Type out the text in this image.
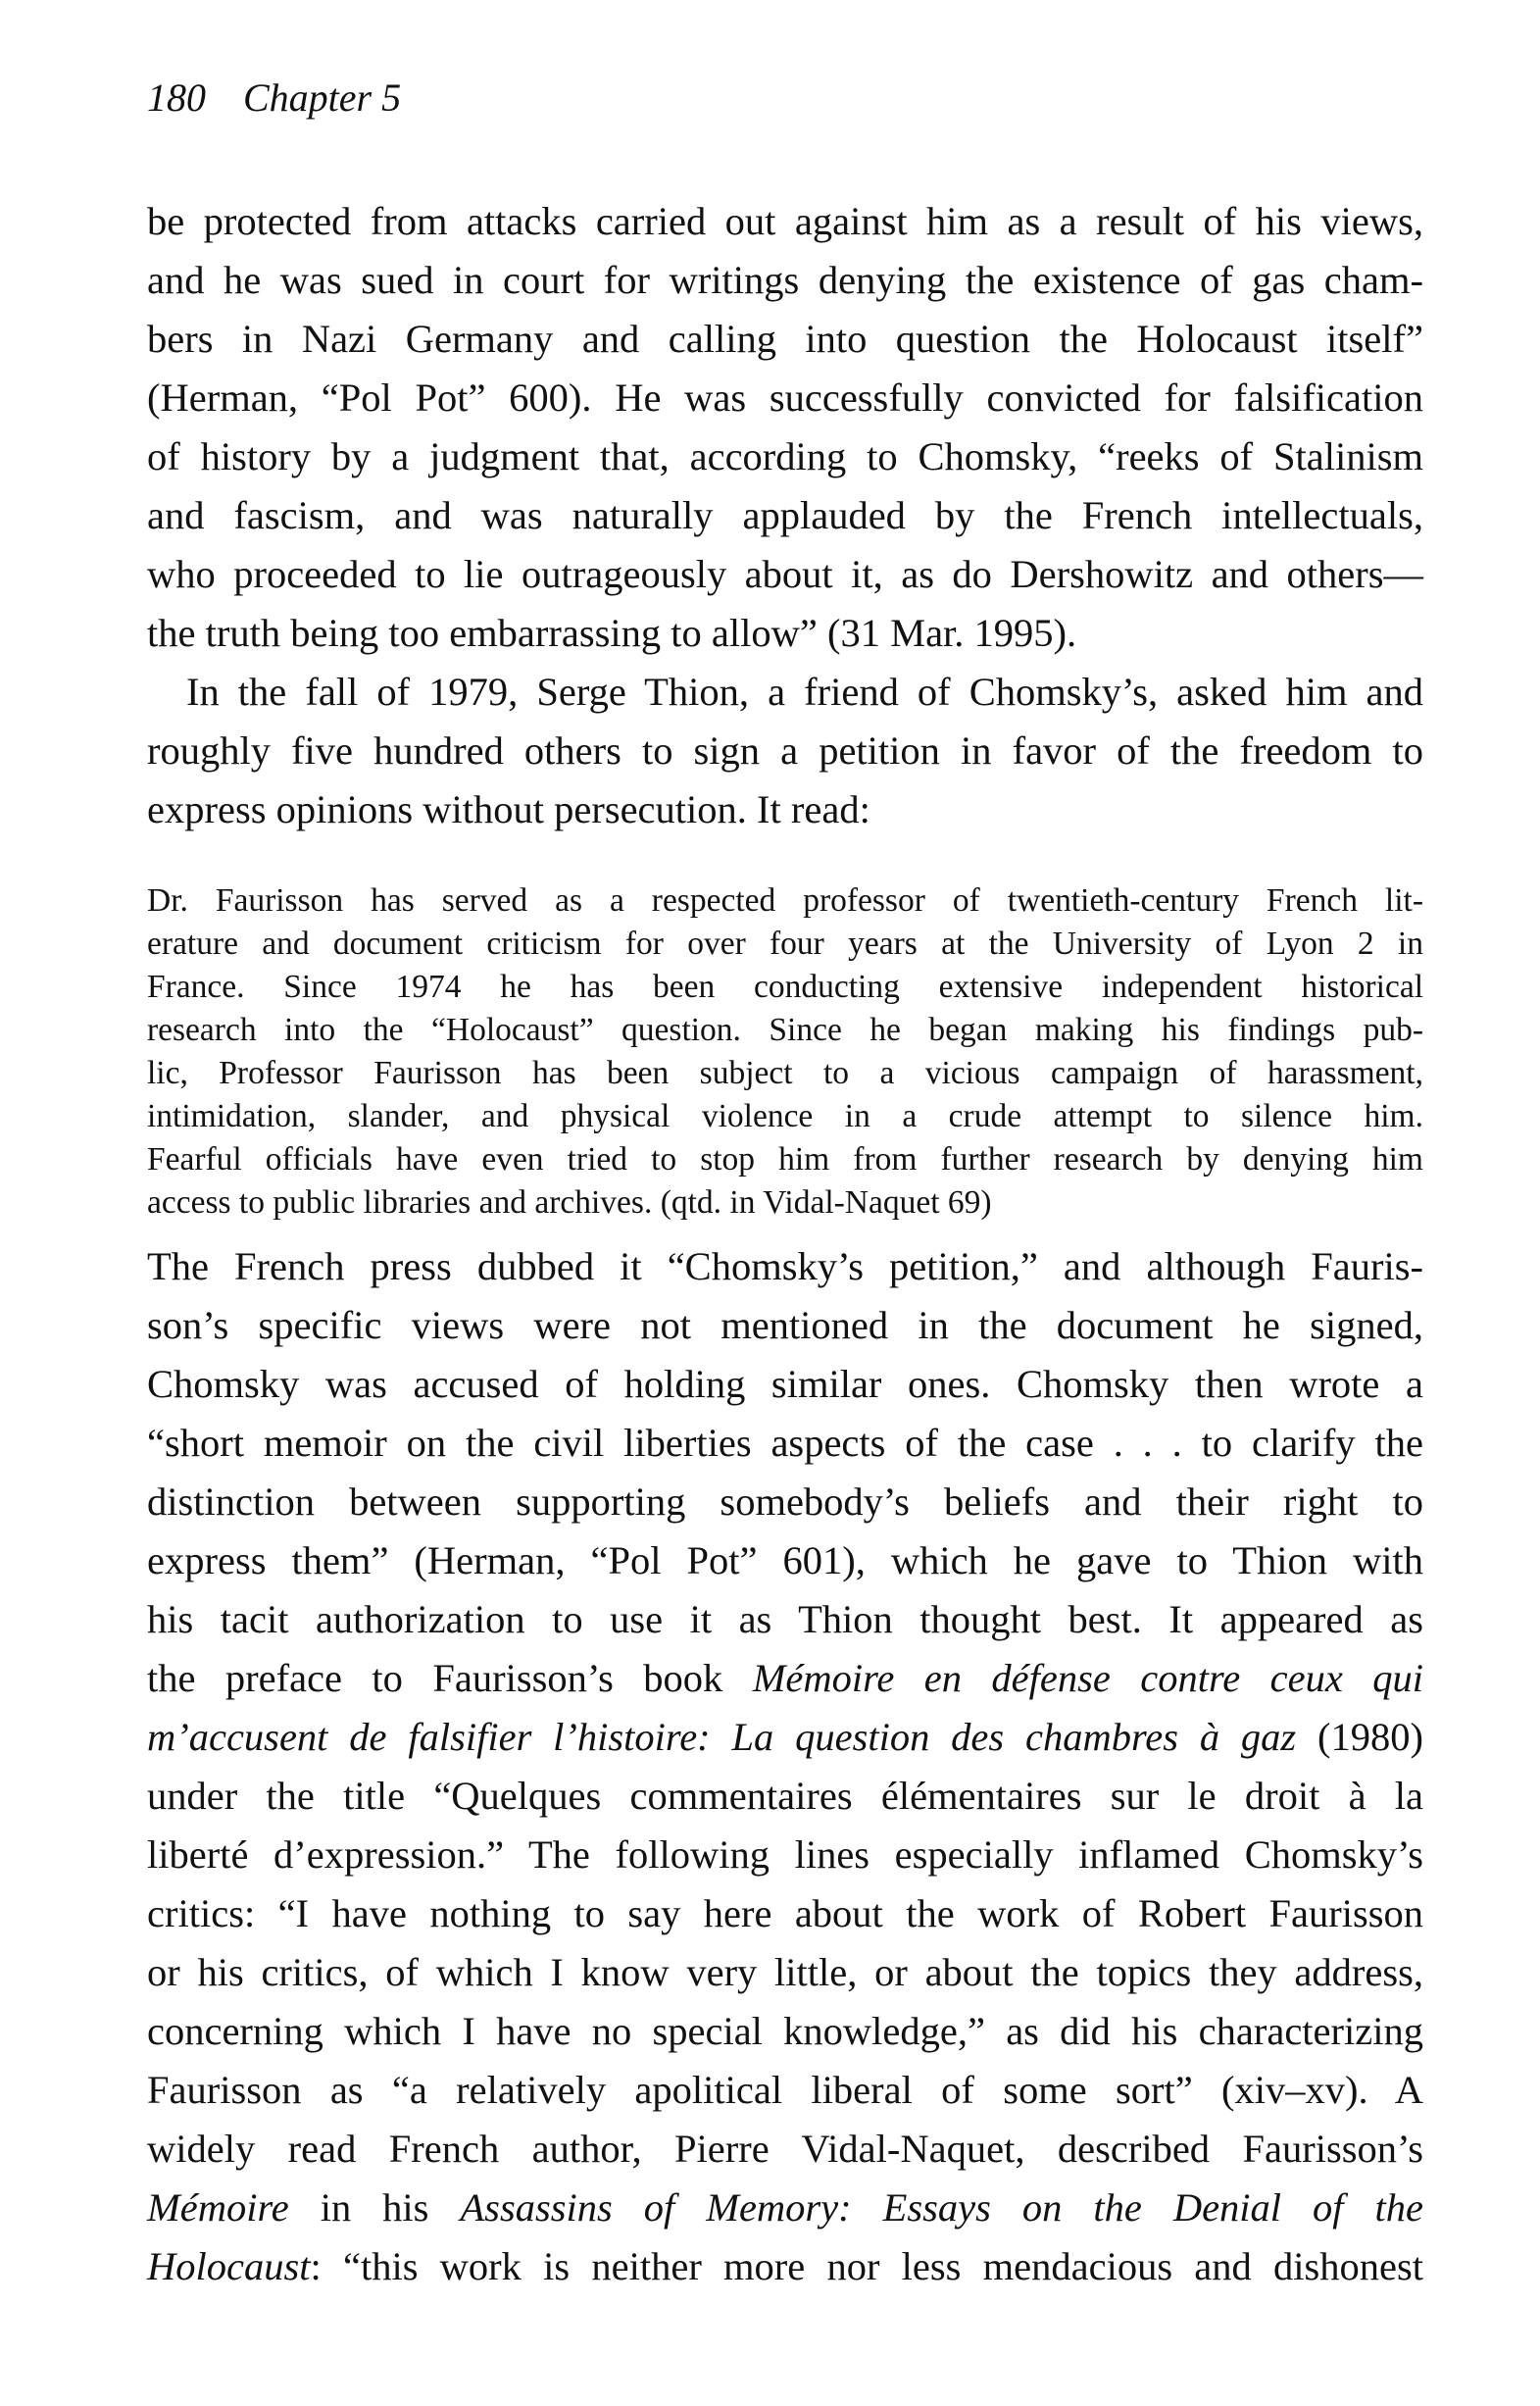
180 Chapter 5

be protected from attacks carried out against him as a result of his views,
and he was sued in court for writings denying the existence of gas cham-
bers in Nazi Germany and calling into question the Holocaust itself”
(Herman, “Pol Pot” 600). He was successfully convicted for falsification
of history by a judgment that, according to Chomsky, “reeks of Stalinism
and fascism, and was naturally applauded by the French intellectuals,
who proceeded to lie outrageously about it, as do Dershowitz and others—
the truth being too embarrassing to allow” (31 Mar. 1995).

In the fall of 1979, Serge Thion, a friend of Chomsky’s, asked him and
roughly five hundred others to sign a petition in favor of the freedom to
express opinions without persecution. It read:

Dr. Faurisson has served as a respected professor of twentieth-century French lit-
erature and document criticism for over four years at the University of Lyon 2 in
France. Since 1974 he has been conducting extensive independent historical
research into the “Holocaust” question. Since he began making his findings pub-
lic, Professor Faurisson has been subject to a vicious campaign of harassment,
intimidation, slander, and physical violence in a crude attempt to silence him.
Fearful officials have even tried to stop him from further research by denying him
access to public libraries and archives. (qtd. in Vidal-Naquet 69)

The French press dubbed it “Chomsky’s petition,” and although Fauris-
son’s specific views were not mentioned in the document he signed,
Chomsky was accused of holding similar ones. Chomsky then wrote a
“short memoir on the civil liberties aspects of the case . . . to clarify the
distinction between supporting somebody’s beliefs and their right to
express them” (Herman, “Pol Pot” 601), which he gave to Thion with
his tacit authorization to use it as Thion thought best. It appeared as
the preface to Faurisson’s book Mémoire en défense contre ceux qui
m’accusent de falsifier l’histoire: La question des chambres à gaz (1980)
under the title “Quelques commentaires élémentaires sur le droit à la
liberté d’expression.” The following lines especially inflamed Chomsky’s
critics: “I have nothing to say here about the work of Robert Faurisson
or his critics, of which I know very little, or about the topics they address,
concerning which I have no special knowledge,” as did his characterizing
Faurisson as “a relatively apolitical liberal of some sort” (xiv–xv). A
widely read French author, Pierre Vidal-Naquet, described Faurisson’s
Mémoire in his Assassins of Memory: Essays on the Denial of the
Holocaust: “this work is neither more nor less mendacious and dishonest
